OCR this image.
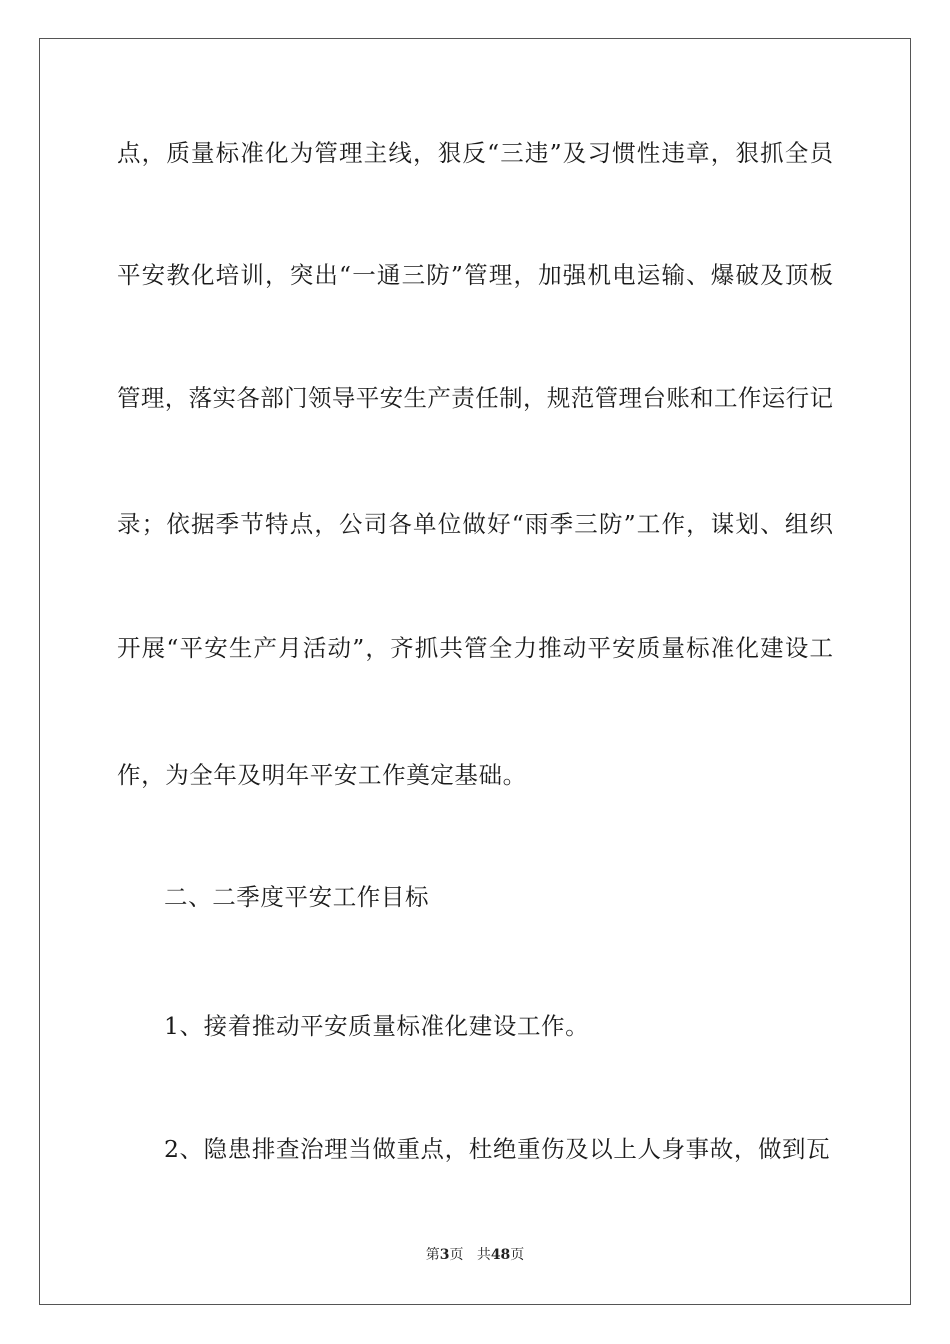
点，质量标准化为管理主线，狠反“三违”及习惯性违章，狠抓全员
平安教化培训，突出“一通三防”管理，加强机电运输、爆破及顶板
管理，落实各部门领导平安生产责任制，规范管理台账和工作运行记
录；依据季节特点，公司各单位做好“雨季三防”工作，谋划、组织
开展“平安生产月活动”，齐抓共管全力推动平安质量标准化建设工
作，为全年及明年平安工作奠定基础。
二、二季度平安工作目标
1、接着推动平安质量标准化建设工作。
2、隐患排查治理当做重点，杜绝重伤及以上人身事故，做到瓦
第3页 共48页
